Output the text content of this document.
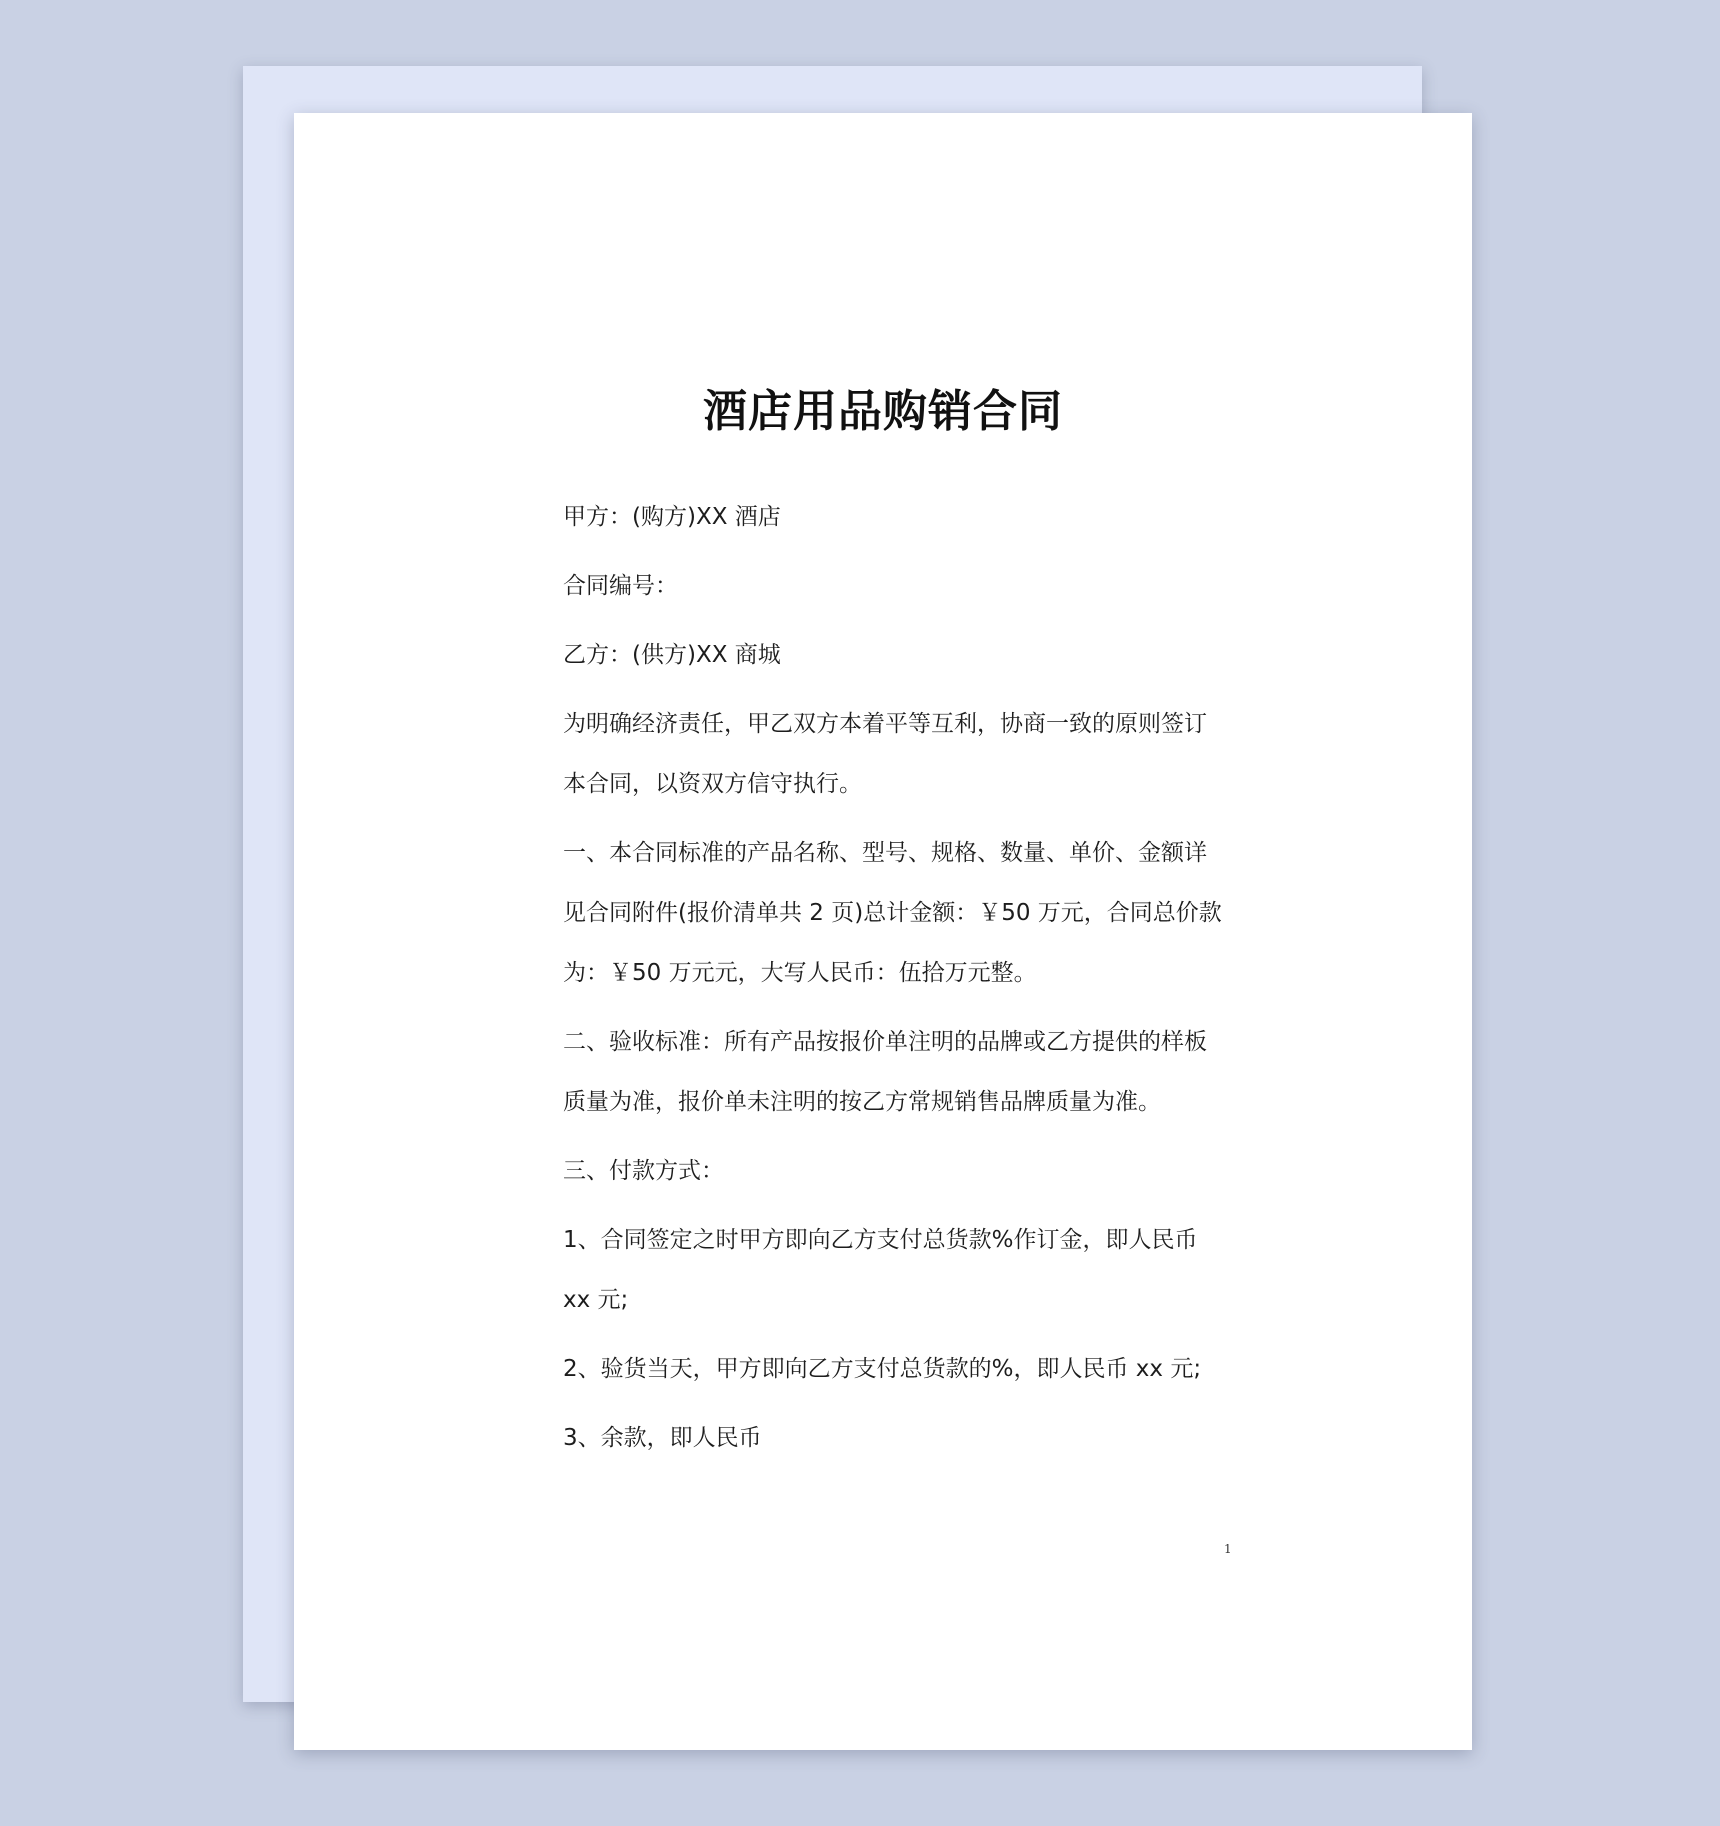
酒店用品购销合同

甲方：(购方)XX 酒店

合同编号：

乙方：(供方)XX 商城

为明确经济责任，甲乙双方本着平等互利，协商一致的原则签订

本合同，以资双方信守执行。

一、本合同标准的产品名称、型号、规格、数量、单价、金额详

见合同附件(报价清单共 2 页)总计金额：￥50 万元，合同总价款

为：￥50 万元元，大写人民币：伍拾万元整。

二、验收标准：所有产品按报价单注明的品牌或乙方提供的样板

质量为准，报价单未注明的按乙方常规销售品牌质量为准。

三、付款方式：

1、合同签定之时甲方即向乙方支付总货款%作订金，即人民币

xx 元;

2、验货当天，甲方即向乙方支付总货款的%，即人民币 xx 元;

3、余款，即人民币

1
